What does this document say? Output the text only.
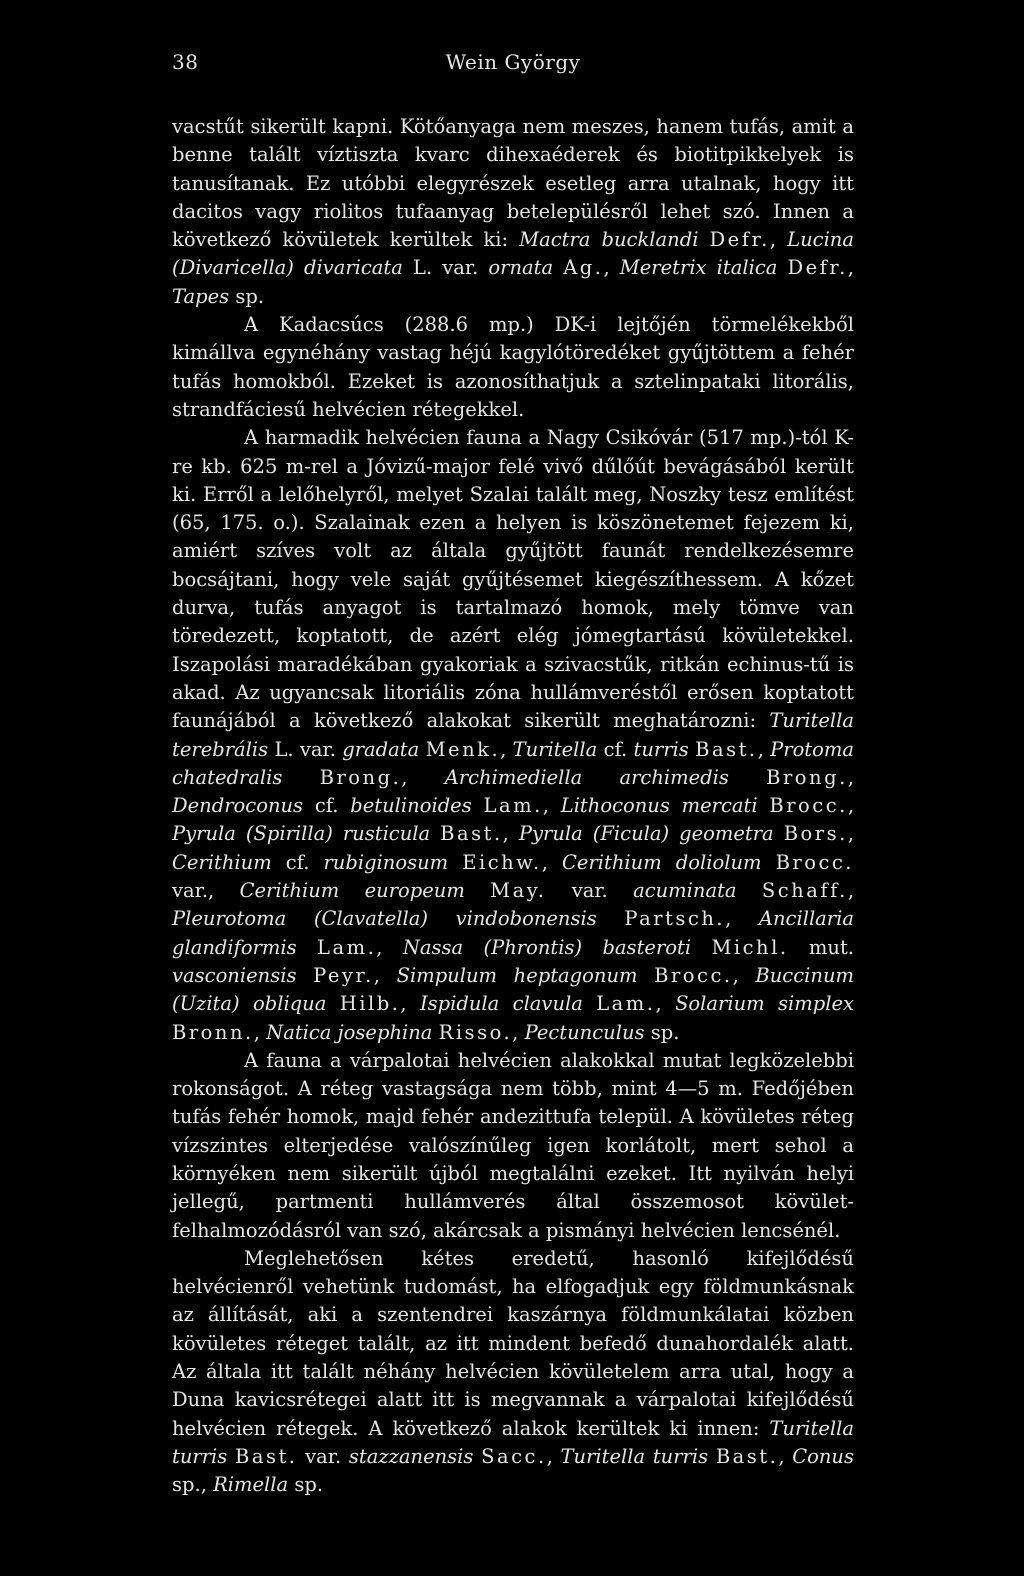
38	Wein György

vacstűt sikerült kapni. Kötőanyaga nem meszes, hanem tufás, amit a benne talált víztiszta kvarc dihexaéderek és biotitpikkelyek is tanusítanak. Ez utóbbi elegyrészek esetleg arra utalnak, hogy itt dacitos vagy riolitos tufaanyag betelepülésről lehet szó. Innen a következő kövületek kerültek ki: Mactra bucklandi Defr., Lucina (Divaricella) divaricata L. var. ornata Ag., Meretrix italica Defr., Tapes sp.

A Kadacsúcs (288.6 mp.) DK-i lejtőjén törmelékekből kimállva egynéhány vastag héjú kagylótöredéket gyűjtöttem a fehér tufás homokból. Ezeket is azonosíthatjuk a sztelinpataki litorális, strandfáciesű helvécien rétegekkel.

A harmadik helvécien fauna a Nagy Csikóvár (517 mp.)-tól K-re kb. 625 m-rel a Jóvizű-major felé vivő dűlőút bevágásából került ki. Erről a lelőhelyről, melyet Szalai talált meg, Noszky tesz említést (65, 175. o.). Szalainak ezen a helyen is köszönetemet fejezem ki, amiért szíves volt az általa gyűjtött faunát rendelkezésemre bocsájtani, hogy vele saját gyűjtésemet kiegészíthessem. A kőzet durva, tufás anyagot is tartalmazó homok, mely tömve van töredezett, koptatott, de azért elég jómegtartású kövületekkel. Iszapolási maradékában gyakoriak a szivacstűk, ritkán echinus-tű is akad. Az ugyancsak litoriális zóna hullámveréstől erősen koptatott faunájából a következő alakokat sikerült meghatározni: Turitella terebrális L. var. gradata Menk., Turitella cf. turris Bast., Protoma chatedralis Brong., Archimediella archimedis Brong., Dendroconus cf. betulinoides Lam., Lithoconus mercati Brocc., Pyrula (Spirilla) rusticula Bast., Pyrula (Ficula) geometra Bors., Cerithium cf. rubiginosum Eichw., Cerithium doliolum Brocc. var., Cerithium europeum May. var. acuminata Schaff., Pleurotoma (Clavatella) vindobonensis Partsch., Ancillaria glandiformis Lam., Nassa (Phrontis) basteroti Michl. mut. vasconiensis Peyr., Simpulum heptagonum Brocc., Buccinum (Uzita) obliqua Hilb., Ispidula clavula Lam., Solarium simplex Bronn., Natica josephina Risso., Pectunculus sp.

A fauna a várpalotai helvécien alakokkal mutat legközelebbi rokonságot. A réteg vastagsága nem több, mint 4—5 m. Fedőjében tufás fehér homok, majd fehér andezittufa települ. A kövületes réteg vízszintes elterjedése valószínűleg igen korlátolt, mert sehol a környéken nem sikerült újból megtalálni ezeket. Itt nyilván helyi jellegű, partmenti hullámverés által összemosot kövület-felhalmozódásról van szó, akárcsak a pismányi helvécien lencsénél.

Meglehetősen kétes eredetű, hasonló kifejlődésű helvécienről vehetünk tudomást, ha elfogadjuk egy földmunkásnak az állítását, aki a szentendrei kaszárnya földmunkálatai közben kövületes réteget talált, az itt mindent befedő dunahordalék alatt. Az általa itt talált néhány helvécien kövületelem arra utal, hogy a Duna kavicsrétegei alatt itt is megvannak a várpalotai kifejlődésű helvécien rétegek. A következő alakok kerültek ki innen: Turitella turris Bast. var. stazzanensis Sacc., Turitella turris Bast., Conus sp., Rimella sp.
